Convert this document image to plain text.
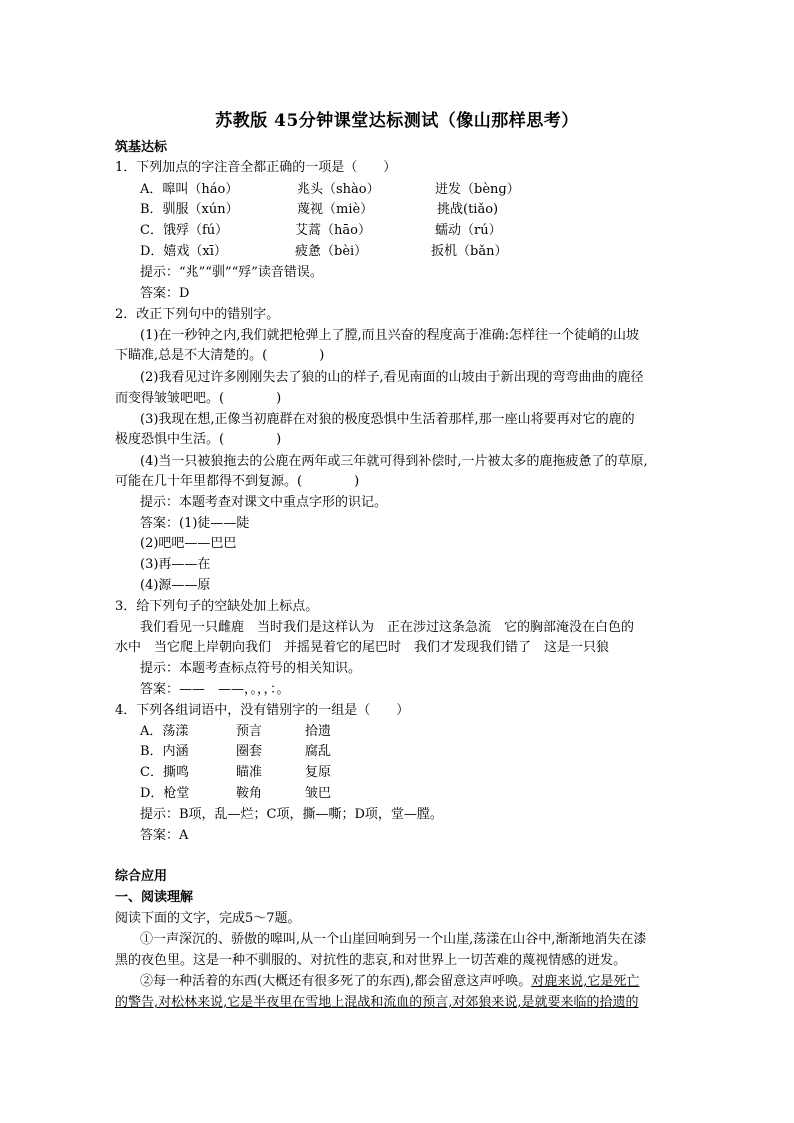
苏教版 45分钟课堂达标测试（像山那样思考）
筑基达标
1．下列加点的字注音全都正确的一项是（　　）
A．嗥叫（háo）	兆头（shào）	迸发（bènɡ）
B．驯服（xún）	蔑视（miè）	挑战(tiǎo)
C．饿殍（fú）	艾蒿（hāo）	蠕动（rú）
D．嬉戏（xī）	疲惫（bèi）	扳机（bǎn）
提示：“兆”“驯”“殍”读音错误。
答案：D
2．改正下列句中的错别字。
(1)在一秒钟之内,我们就把枪弹上了膛,而且兴奋的程度高于准确:怎样往一个徒峭的山坡
下瞄准,总是不大清楚的。(　　　　)
(2)我看见过许多刚刚失去了狼的山的样子,看见南面的山坡由于新出现的弯弯曲曲的鹿径
而变得皱皱吧吧。(　　　　)
(3)我现在想,正像当初鹿群在对狼的极度恐惧中生活着那样,那一座山将要再对它的鹿的
极度恐惧中生活。(　　　　)
(4)当一只被狼拖去的公鹿在两年或三年就可得到补偿时,一片被太多的鹿拖疲惫了的草原,
可能在几十年里都得不到复源。(　　　　)
提示：本题考查对课文中重点字形的识记。
答案：(1)徒——陡
(2)吧吧——巴巴
(3)再——在
(4)源——原
3．给下列句子的空缺处加上标点。
我们看见一只雌鹿　当时我们是这样认为　正在涉过这条急流　它的胸部淹没在白色的
水中　当它爬上岸朝向我们　并摇晃着它的尾巴时　我们才发现我们错了　这是一只狼
提示：本题考查标点符号的相关知识。
答案：——　——，。，，：。
4．下列各组词语中，没有错别字的一组是（　　）
A．荡漾	预言	拾遗
B．内涵	圈套	腐乱
C．撕鸣	瞄准	复原
D．枪堂	鞍角	皱巴
提示：B项，乱—烂；C项，撕—嘶；D项，堂—膛。
答案：A
综合应用
一、阅读理解
阅读下面的文字，完成5～7题。
①一声深沉的、骄傲的嗥叫,从一个山崖回响到另一个山崖,荡漾在山谷中,渐渐地消失在漆
黑的夜色里。这是一种不驯服的、对抗性的悲哀,和对世界上一切苦难的蔑视情感的迸发。
②每一种活着的东西(大概还有很多死了的东西),都会留意这声呼唤。对鹿来说,它是死亡
的警告,对松林来说,它是半夜里在雪地上混战和流血的预言,对郊狼来说,是就要来临的拾遗的
